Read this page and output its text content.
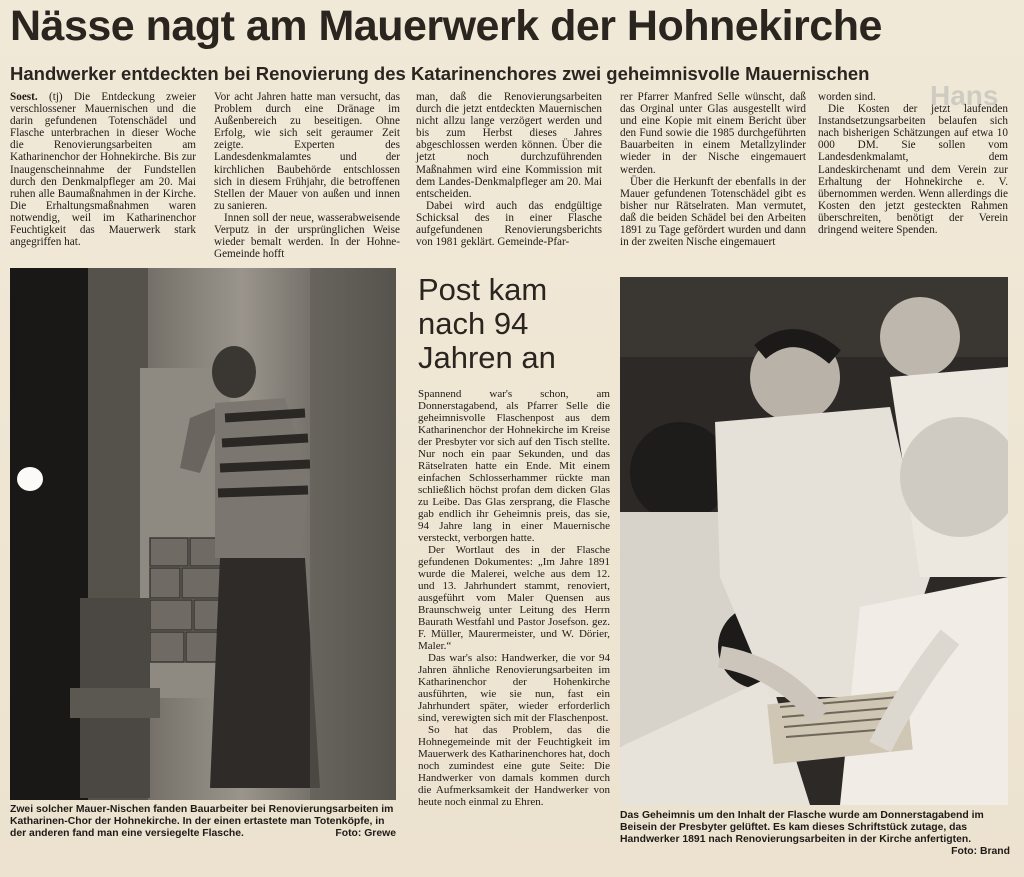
Hans
Nässe nagt am Mauerwerk der Hohnekirche
Handwerker entdeckten bei Renovierung des Katarinenchores zwei geheimnisvolle Mauernischen

Soest. (tj) Die Entdeckung zweier verschlossener Mauernischen und die darin gefundenen Totenschädel und Flasche unterbrachen in dieser Woche die Renovierungsarbeiten am Katharinenchor der Hohnekirche. Bis zur Inaugenscheinnahme der Fundstellen durch den Denkmalpfleger am 20. Mai ruhen alle Baumaßnahmen in der Kirche. Die Erhaltungsmaßnahmen waren notwendig, weil im Katharinenchor Feuchtigkeit das Mauerwerk stark angegriffen hat.

Vor acht Jahren hatte man versucht, das Problem durch eine Dränage im Außenbereich zu beseitigen. Ohne Erfolg, wie sich seit geraumer Zeit zeigte. Experten des Landesdenkmalamtes und der kirchlichen Baubehörde entschlossen sich in diesem Frühjahr, die betroffenen Stellen der Mauer von außen und innen zu sanieren.

Innen soll der neue, wasserabweisende Verputz in der ursprünglichen Weise wieder bemalt werden. In der Hohne-Gemeinde hofft

man, daß die Renovierungsarbeiten durch die jetzt entdeckten Mauernischen nicht allzu lange verzögert werden und bis zum Herbst dieses Jahres abgeschlossen werden können. Über die jetzt noch durchzuführenden Maßnahmen wird eine Kommission mit dem Landes-Denkmalpfleger am 20. Mai entscheiden.

Dabei wird auch das endgültige Schicksal des in einer Flasche aufgefundenen Renovierungsberichts von 1981 geklärt. Gemeinde-Pfar-

rer Pfarrer Manfred Selle wünscht, daß das Orginal unter Glas ausgestellt wird und eine Kopie mit einem Bericht über den Fund sowie die 1985 durchgeführten Bauarbeiten in einem Metallzylinder wieder in der Nische eingemauert werden.

Über die Herkunft der ebenfalls in der Mauer gefundenen Totenschädel gibt es bisher nur Rätselraten. Man vermutet, daß die beiden Schädel bei den Arbeiten 1891 zu Tage gefördert wurden und dann in der zweiten Nische eingemauert

worden sind.

Die Kosten der jetzt laufenden Instandsetzungsarbeiten belaufen sich nach bisherigen Schätzungen auf etwa 10 000 DM. Sie sollen vom Landesdenkmalamt, dem Landeskirchenamt und dem Verein zur Erhaltung der Hohnekirche e. V. übernommen werden. Wenn allerdings die Kosten den jetzt gesteckten Rahmen überschreiten, benötigt der Verein dringend weitere Spenden.

Zwei solcher Mauer-Nischen fanden Bauarbeiter bei Renovierungsarbeiten im Katharinen-Chor der Hohnekirche. In der einen ertastete man Totenköpfe, in der anderen fand man eine versiegelte Flasche.	Foto: Grewe
Post kam nach 94 Jahren an

Spannend war's schon, am Donnerstagabend, als Pfarrer Selle die geheimnisvolle Flaschenpost aus dem Katharinenchor der Hohnekirche im Kreise der Presbyter vor sich auf den Tisch stellte. Nur noch ein paar Sekunden, und das Rätselraten hatte ein Ende. Mit einem einfachen Schlosserhammer rückte man schließlich höchst profan dem dicken Glas zu Leibe. Das Glas zersprang, die Flasche gab endlich ihr Geheimnis preis, das sie, 94 Jahre lang in einer Mauernische versteckt, verborgen hatte.

Der Wortlaut des in der Flasche gefundenen Dokumentes: „Im Jahre 1891 wurde die Malerei, welche aus dem 12. und 13. Jahrhundert stammt, renoviert, ausgeführt vom Maler Quensen aus Braunschweig unter Leitung des Herrn Baurath Westfahl und Pastor Josefson. gez. F. Müller, Maurermeister, und W. Dörier, Maler.“

Das war's also: Handwerker, die vor 94 Jahren ähnliche Renovierungsarbeiten im Katharinenchor der Hohenkirche ausführten, wie sie nun, fast ein Jahrhundert später, wieder erforderlich sind, verewigten sich mit der Flaschenpost.

So hat das Problem, das die Hohnegemeinde mit der Feuchtigkeit im Mauerwerk des Katharinenchores hat, doch noch zumindest eine gute Seite: Die Handwerker von damals kommen durch die Aufmerksamkeit der Handwerker von heute noch einmal zu Ehren.

Das Geheimnis um den Inhalt der Flasche wurde am Donnerstagabend im Beisein der Presbyter gelüftet. Es kam dieses Schriftstück zutage, das Handwerker 1891 nach Renovierungsarbeiten in der Kirche anfertigten.
Foto: Brand
